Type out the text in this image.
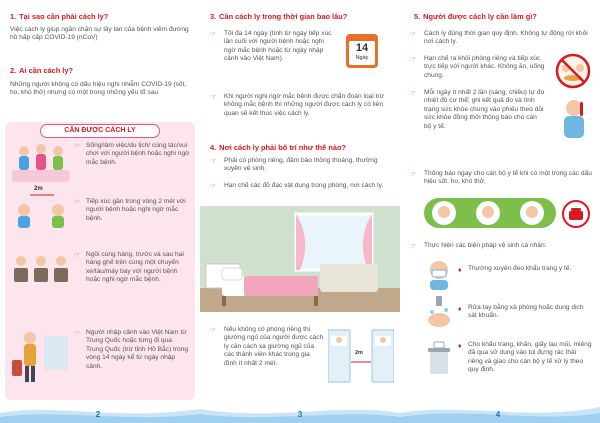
1. Tại sao cần phải cách ly?
Việc cách ly giúp ngăn chặn sự lây lan của bệnh viêm đường hô hấp cấp COVID-19 (nCoV)
2. Ai cần cách ly?
Những người không có dấu hiệu nghi nhiễm COVID-19 (sốt, ho, khó thở) nhưng có một trong những yếu tố sau
CẦN ĐƯỢC CÁCH LY
☞ Sống/làm việc/du lịch/ cùng tác/vui chơi với người bệnh hoặc nghi ngờ mắc bệnh.
2m
☞ Tiếp xúc gần trong vòng 2 mét với người bệnh hoặc nghi ngờ mắc bệnh.
☞ Ngồi cùng hàng, trước và sau hai hàng ghế trên cùng một chuyến xe/tàu/máy bay với người bệnh hoặc nghi ngờ mắc bệnh.
☞ Người nhập cảnh vào Việt Nam từ Trung Quốc hoặc từng đi qua Trung Quốc (trừ tỉnh Hồ Bắc) trong vòng 14 ngày kể từ ngày nhập cảnh.
2
3. Cần cách ly trong thời gian bao lâu?
☞ Tối đa 14 ngày (tính từ ngày tiếp xúc lần cuối với người bệnh hoặc nghi ngờ mắc bệnh hoặc từ ngày nhập cảnh vào Việt Nam).
14
Ngày
☞ Khi người nghi ngờ mắc bệnh được chẩn đoán loại trừ không mắc bệnh thì những người được cách ly có liên quan sẽ kết thúc việc cách ly.
4. Nơi cách ly phải bố trí như thế nào?
☞ Phải có phòng riêng, đảm bảo thông thoáng, thường xuyên vệ sinh.
☞ Hạn chế các đồ đạc vật dụng trong phòng, nơi cách ly.
☞ Nếu không có phòng riêng thì giường ngủ của người được cách ly cần cách xa giường ngủ của các thành viên khác trong gia đình ít nhất 2 mét.
2m
3
5. Người được cách ly cần làm gì?
☞ Cách ly đúng thời gian quy định. Không tự động rời khỏi nơi cách ly.
☞ Hạn chế ra khỏi phòng riêng và tiếp xúc trực tiếp với người khác. Không ăn, uống chung.
☞ Mỗi ngày ít nhất 2 lần (sáng, chiều) tự đo nhiệt độ cơ thể; ghi kết quả đo và tình trạng sức khỏe chung vào phiếu theo dõi sức khỏe đồng thời thông báo cho cán bộ y tế.
☞ Thông báo ngay cho cán bộ y tế khi có một trong các dấu hiệu sốt, ho, khó thở.
☞ Thực hiện các biện pháp vệ sinh cá nhân:
♦ Thường xuyên đeo khẩu trang y tế.
♦ Rửa tay bằng xà phòng hoặc dung dịch sát khuẩn.
♦ Cho khẩu trang, khăn, giấy lau mũi, miệng đã qua sử dụng vào túi đựng rác thải riêng và giao cho cán bộ y tế xử lý theo quy định.
4
